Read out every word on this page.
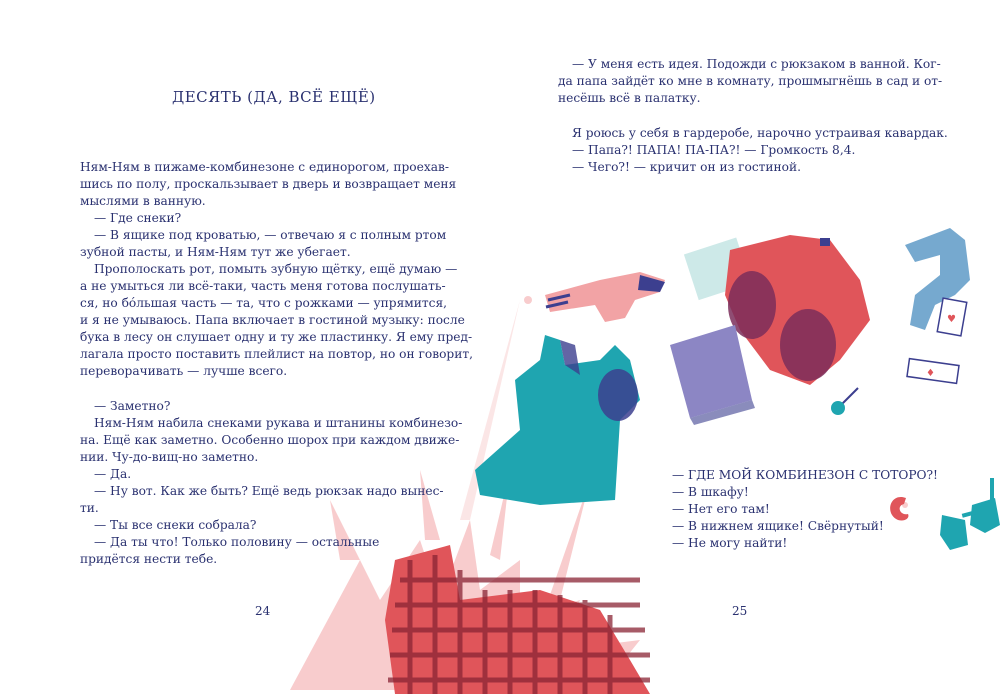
♥
♦
ДЕСЯТЬ (ДА, ВСЁ ЕЩЁ)

Ням-Ням в пижаме-комбинезоне с единорогом, проехав-

шись по полу, проскальзывает в дверь и возвращает меня

мыслями в ванную.

— Где снеки?

— В ящике под кроватью, — отвечаю я с полным ртом

зубной пасты, и Ням-Ням тут же убегает.

Прополоскать рот, помыть зубную щётку, ещё думаю —

а не умыться ли всё-таки, часть меня готова послушать-

ся, но бóльшая часть — та, что с рожками — упрямится,

и я не умываюсь. Папа включает в гостиной музыку: после

бука в лесу он слушает одну и ту же пластинку. Я ему пред-

лагала просто поставить плейлист на повтор, но он говорит,

переворачивать — лучше всего.

— Заметно?

Ням-Ням набила снеками рукава и штанины комбинезо-

на. Ещё как заметно. Особенно шорох при каждом движе-

нии. Чу-до-вищ-но заметно.

— Да.

— Ну вот. Как же быть? Ещё ведь рюкзак надо вынес-

ти.

— Ты все снеки собрала?

— Да ты что! Только половину — остальные

придётся нести тебе.

24

— У меня есть идея. Подожди с рюкзаком в ванной. Ког-

да папа зайдёт ко мне в комнату, прошмыгнёшь в сад и от-

несёшь всё в палатку.

Я роюсь у себя в гардеробе, нарочно устраивая кавардак.

— Папа?! ПАПА! ПА-ПА?! — Громкость 8,4.

— Чего?! — кричит он из гостиной.

— ГДЕ МОЙ КОМБИНЕЗОН С ТОТОРО?!

— В шкафу!

— Нет его там!

— В нижнем ящике! Свёрнутый!

— Не могу найти!

25
